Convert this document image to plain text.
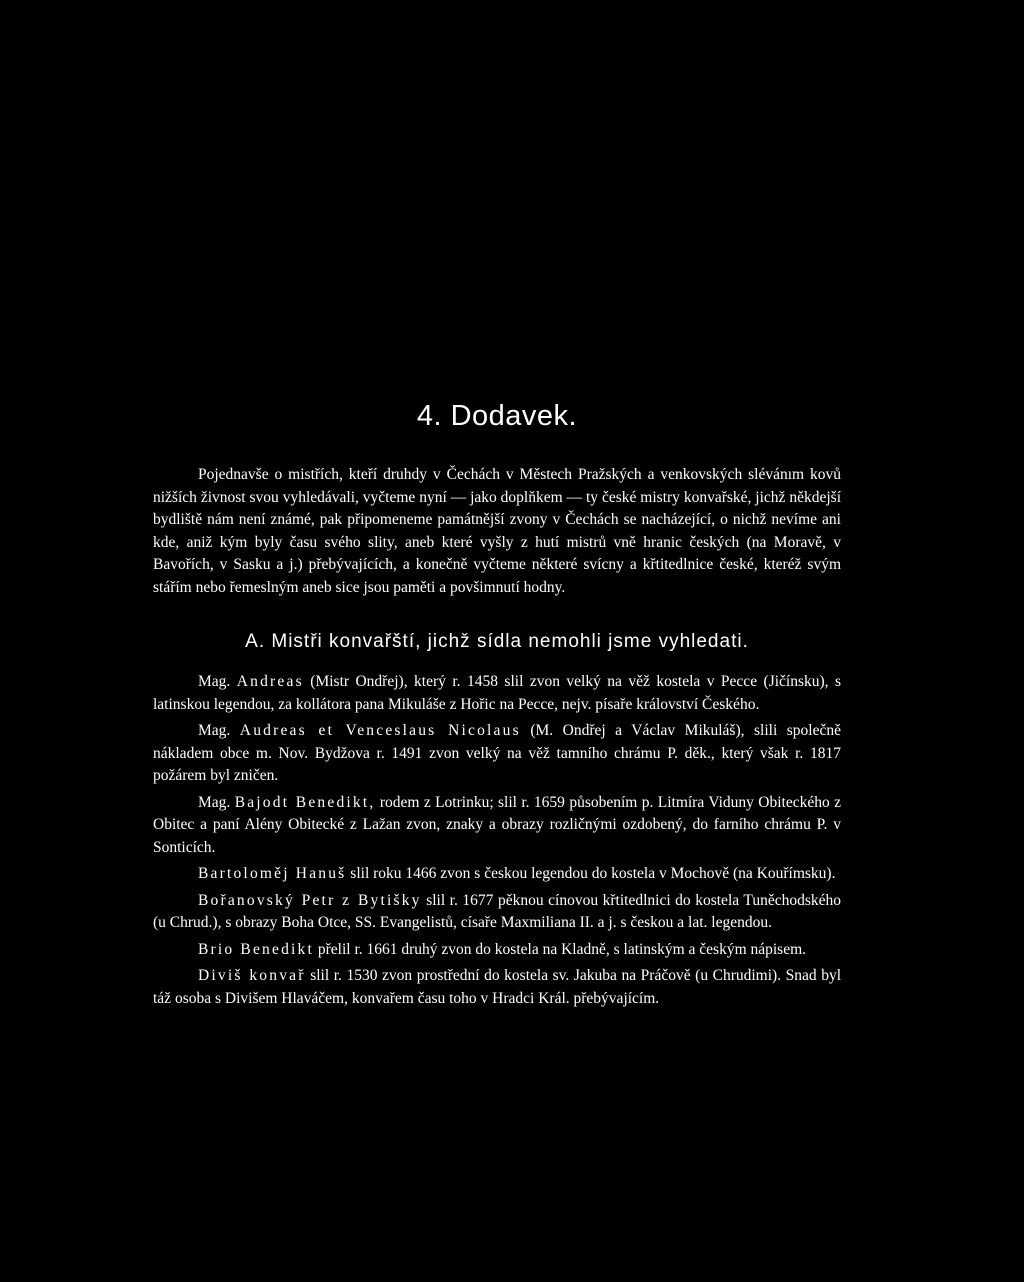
4. Dodavek.

Pojednavše o mistřích, kteří druhdy v Čechách v Městech Pražských a venkovských slévánım kovů nižších živnost svou vyhledávali, vyčteme nyní — jako doplňkem — ty české mistry konvařské, jichž někdejší bydliště nám není známé, pak připomeneme památnější zvony v Čechách se nacházející, o nichž nevíme ani kde, aniž kým byly času svého slity, aneb které vyšly z hutí mistrů vně hranic českých (na Moravě, v Bavořích, v Sasku a j.) přebývajících, a konečně vyčteme některé svícny a křtitedlnice české, kteréž svým stářím nebo řemeslným aneb sice jsou paměti a povšimnutí hodny.

A. Mistři konvařští, jichž sídla nemohli jsme vyhledati.

Mag. Andreas (Mistr Ondřej), který r. 1458 slil zvon velký na věž kostela v Pecce (Jičínsku), s latinskou legendou, za kollátora pana Mikuláše z Hořic na Pecce, nejv. písaře království Českého.

Mag. Audreas et Venceslaus Nicolaus (M. Ondřej a Václav Mikuláš), slili společně nákladem obce m. Nov. Bydžova r. 1491 zvon velký na věž tamního chrámu P. děk., který však r. 1817 požárem byl zničen.

Mag. Bajodt Benedikt, rodem z Lotrinku; slil r. 1659 působením p. Litmíra Viduny Obiteckého z Obitec a paní Alény Obitecké z Lažan zvon, znaky a obrazy rozličnými ozdobený, do farního chrámu P. v Sonticích.

Bartoloměj Hanuš slil roku 1466 zvon s českou legendou do kostela v Mochově (na Kouřímsku).

Bořanovský Petr z Bytišky slil r. 1677 pěknou cínovou křtitedlnici do kostela Tuněchodského (u Chrud.), s obrazy Boha Otce, SS. Evangelistů, císaře Maxmiliana II. a j. s českou a lat. legendou.

Brio Benedikt přelil r. 1661 druhý zvon do kostela na Kladně, s latinským a českým nápisem.

Diviš konvař slil r. 1530 zvon prostřední do kostela sv. Jakuba na Práčově (u Chrudimi). Snad byl táž osoba s Divišem Hlaváčem, konvařem času toho v Hradci Král. přebývajícím.
